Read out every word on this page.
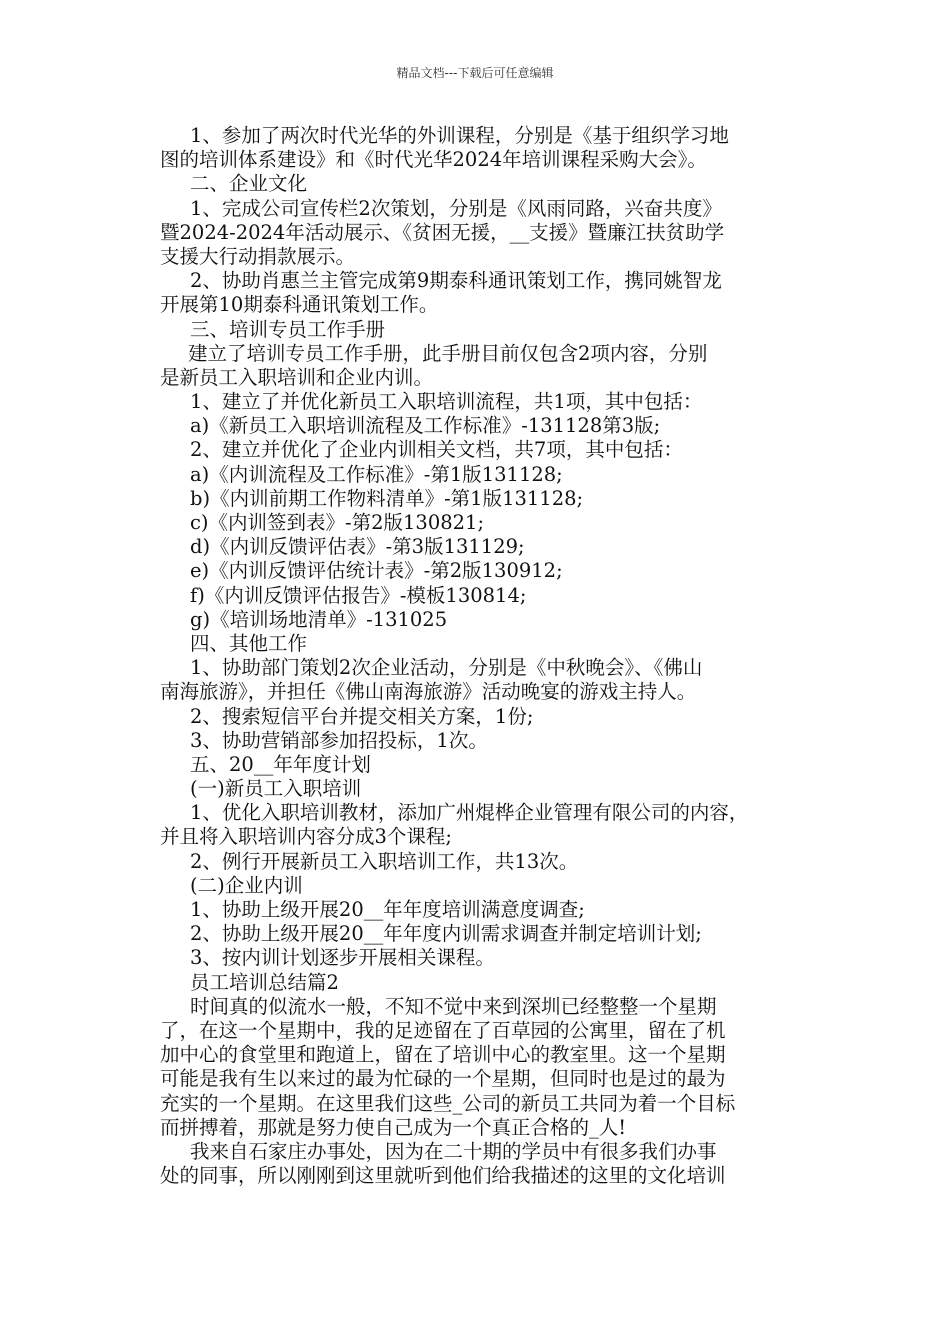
精品文档---下载后可任意编辑
1、参加了两次时代光华的外训课程，分别是《基于组织学习地
图的培训体系建设》和《时代光华2024年培训课程采购大会》。
二、企业文化
1、完成公司宣传栏2次策划，分别是《风雨同路，兴奋共度》
暨2024-2024年活动展示、《贫困无援，__支援》暨廉江扶贫助学
支援大行动捐款展示。
2、协助肖惠兰主管完成第9期泰科通讯策划工作，携同姚智龙
开展第10期泰科通讯策划工作。
三、培训专员工作手册
建立了培训专员工作手册，此手册目前仅包含2项内容，分别
是新员工入职培训和企业内训。
1、建立了并优化新员工入职培训流程，共1项，其中包括：
a)《新员工入职培训流程及工作标准》-131128第3版;
2、建立并优化了企业内训相关文档，共7项，其中包括：
a)《内训流程及工作标准》-第1版131128;
b)《内训前期工作物料清单》-第1版131128;
c)《内训签到表》-第2版130821;
d)《内训反馈评估表》-第3版131129;
e)《内训反馈评估统计表》-第2版130912;
f)《内训反馈评估报告》-模板130814;
g)《培训场地清单》-131025
四、其他工作
1、协助部门策划2次企业活动，分别是《中秋晚会》、《佛山
南海旅游》，并担任《佛山南海旅游》活动晚宴的游戏主持人。
2、搜索短信平台并提交相关方案，1份;
3、协助营销部参加招投标，1次。
五、20__年年度计划
(一)新员工入职培训
1、优化入职培训教材，添加广州焜桦企业管理有限公司的内容，
并且将入职培训内容分成3个课程;
2、例行开展新员工入职培训工作，共13次。
(二)企业内训
1、协助上级开展20__年年度培训满意度调查;
2、协助上级开展20__年年度内训需求调查并制定培训计划;
3、按内训计划逐步开展相关课程。
员工培训总结篇2
时间真的似流水一般，不知不觉中来到深圳已经整整一个星期
了，在这一个星期中，我的足迹留在了百草园的公寓里，留在了机
加中心的食堂里和跑道上，留在了培训中心的教室里。这一个星期
可能是我有生以来过的最为忙碌的一个星期，但同时也是过的最为
充实的一个星期。在这里我们这些_公司的新员工共同为着一个目标
而拼搏着，那就是努力使自己成为一个真正合格的_人!
我来自石家庄办事处，因为在二十期的学员中有很多我们办事
处的同事，所以刚刚到这里就听到他们给我描述的这里的文化培训
